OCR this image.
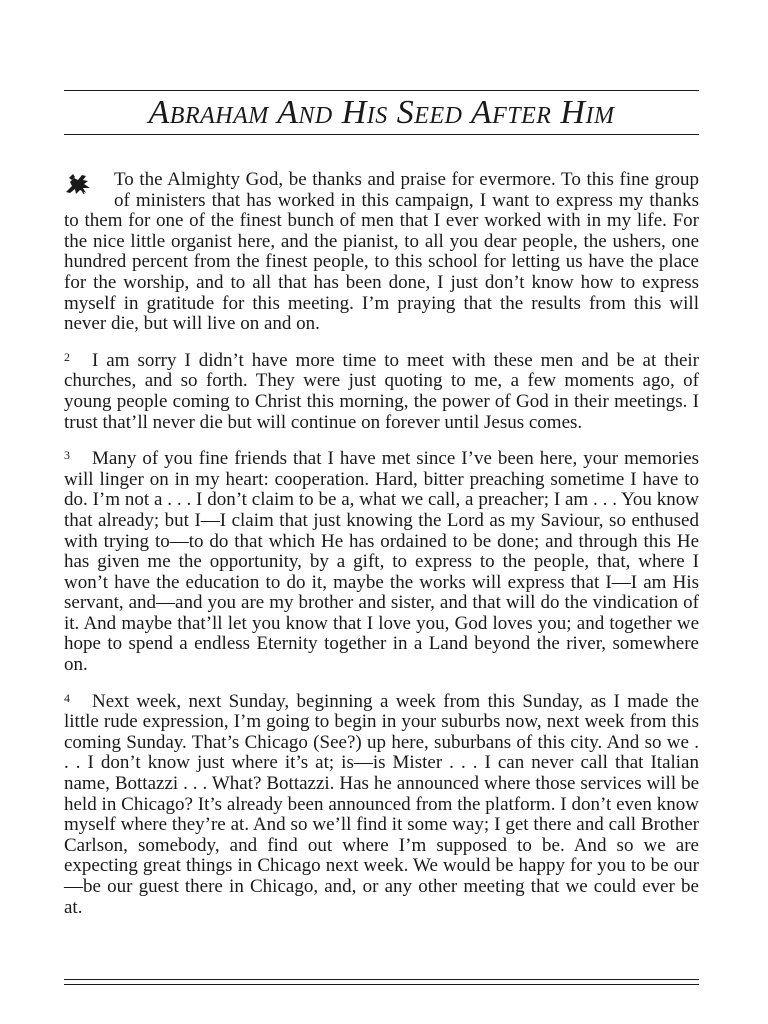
Abraham And His Seed After Him

To the Almighty God, be thanks and praise for evermore. To this fine group of ministers that has worked in this campaign, I want to express my thanks to them for one of the finest bunch of men that I ever worked with in my life. For the nice little organist here, and the pianist, to all you dear people, the ushers, one hundred percent from the finest people, to this school for letting us have the place for the worship, and to all that has been done, I just don’t know how to express myself in gratitude for this meeting. I’m praying that the results from this will never die, but will live on and on.

2 I am sorry I didn’t have more time to meet with these men and be at their churches, and so forth. They were just quoting to me, a few moments ago, of young people coming to Christ this morning, the power of God in their meetings. I trust that’ll never die but will continue on forever until Jesus comes.

3 Many of you fine friends that I have met since I’ve been here, your memories will linger on in my heart: cooperation. Hard, bitter preaching sometime I have to do. I’m not a . . . I don’t claim to be a, what we call, a preacher; I am . . . You know that already; but I—I claim that just knowing the Lord as my Saviour, so enthused with trying to—to do that which He has ordained to be done; and through this He has given me the opportunity, by a gift, to express to the people, that, where I won’t have the education to do it, maybe the works will express that I—I am His servant, and—and you are my brother and sister, and that will do the vindication of it. And maybe that’ll let you know that I love you, God loves you; and together we hope to spend a endless Eternity together in a Land beyond the river, somewhere on.

4 Next week, next Sunday, beginning a week from this Sunday, as I made the little rude expression, I’m going to begin in your suburbs now, next week from this coming Sunday. That’s Chicago (See?) up here, suburbans of this city. And so we . . . I don’t know just where it’s at; is—is Mister . . . I can never call that Italian name, Bottazzi . . . What? Bottazzi. Has he announced where those services will be held in Chicago? It’s already been announced from the platform. I don’t even know myself where they’re at. And so we’ll find it some way; I get there and call Brother Carlson, somebody, and find out where I’m supposed to be. And so we are expecting great things in Chicago next week. We would be happy for you to be our—be our guest there in Chicago, and, or any other meeting that we could ever be at.
